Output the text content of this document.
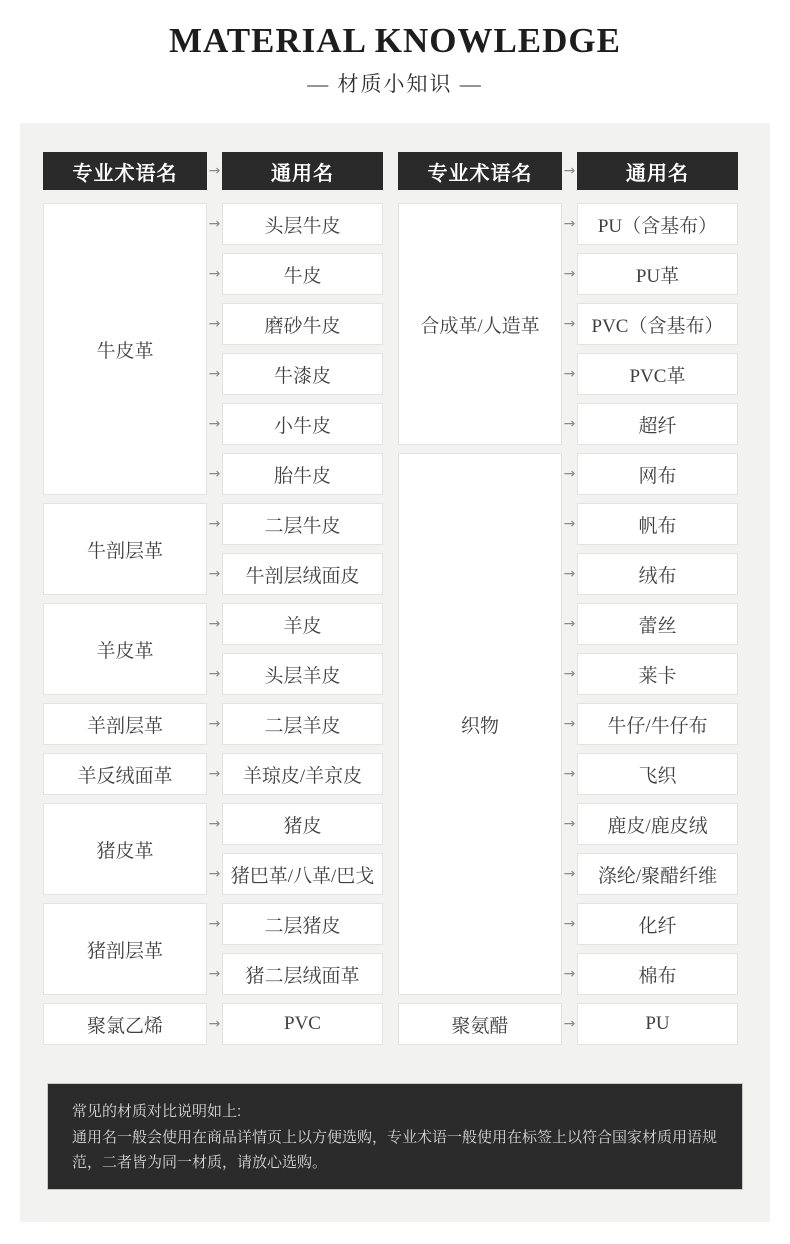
MATERIAL KNOWLEDGE
— 材质小知识 —
专业术语名	→	通用名
牛皮革
→	头层牛皮
→	牛皮
→	磨砂牛皮
→	牛漆皮
→	小牛皮
→	胎牛皮
牛剖层革
→	二层牛皮
→	牛剖层绒面皮
羊皮革
→	羊皮
→	头层羊皮
羊剖层革	→	二层羊皮
羊反绒面革	→	羊琼皮/羊京皮
猪皮革
→	猪皮
→ 猪巴革/八革/巴戈
猪剖层革
→	二层猪皮
→	猪二层绒面革
聚氯乙烯	→	PVC
专业术语名	→	通用名
合成革/人造革
→	PU（含基布）
→	PU革
→ PVC（含基布）
→	PVC革
→	超纤
织物
→	网布
→	帆布
→	绒布
→	蕾丝
→	莱卡
→	牛仔/牛仔布
→	飞织
→	鹿皮/鹿皮绒
→	涤纶/聚醋纤维
→	化纤
→	棉布
聚氨醋	→	PU
常见的材质对比说明如上:
通用名一般会使用在商品详情页上以方便选购，专业术语一般使用在标签上以符合国家材质用语规范，二者皆为同一材质，请放心选购。
